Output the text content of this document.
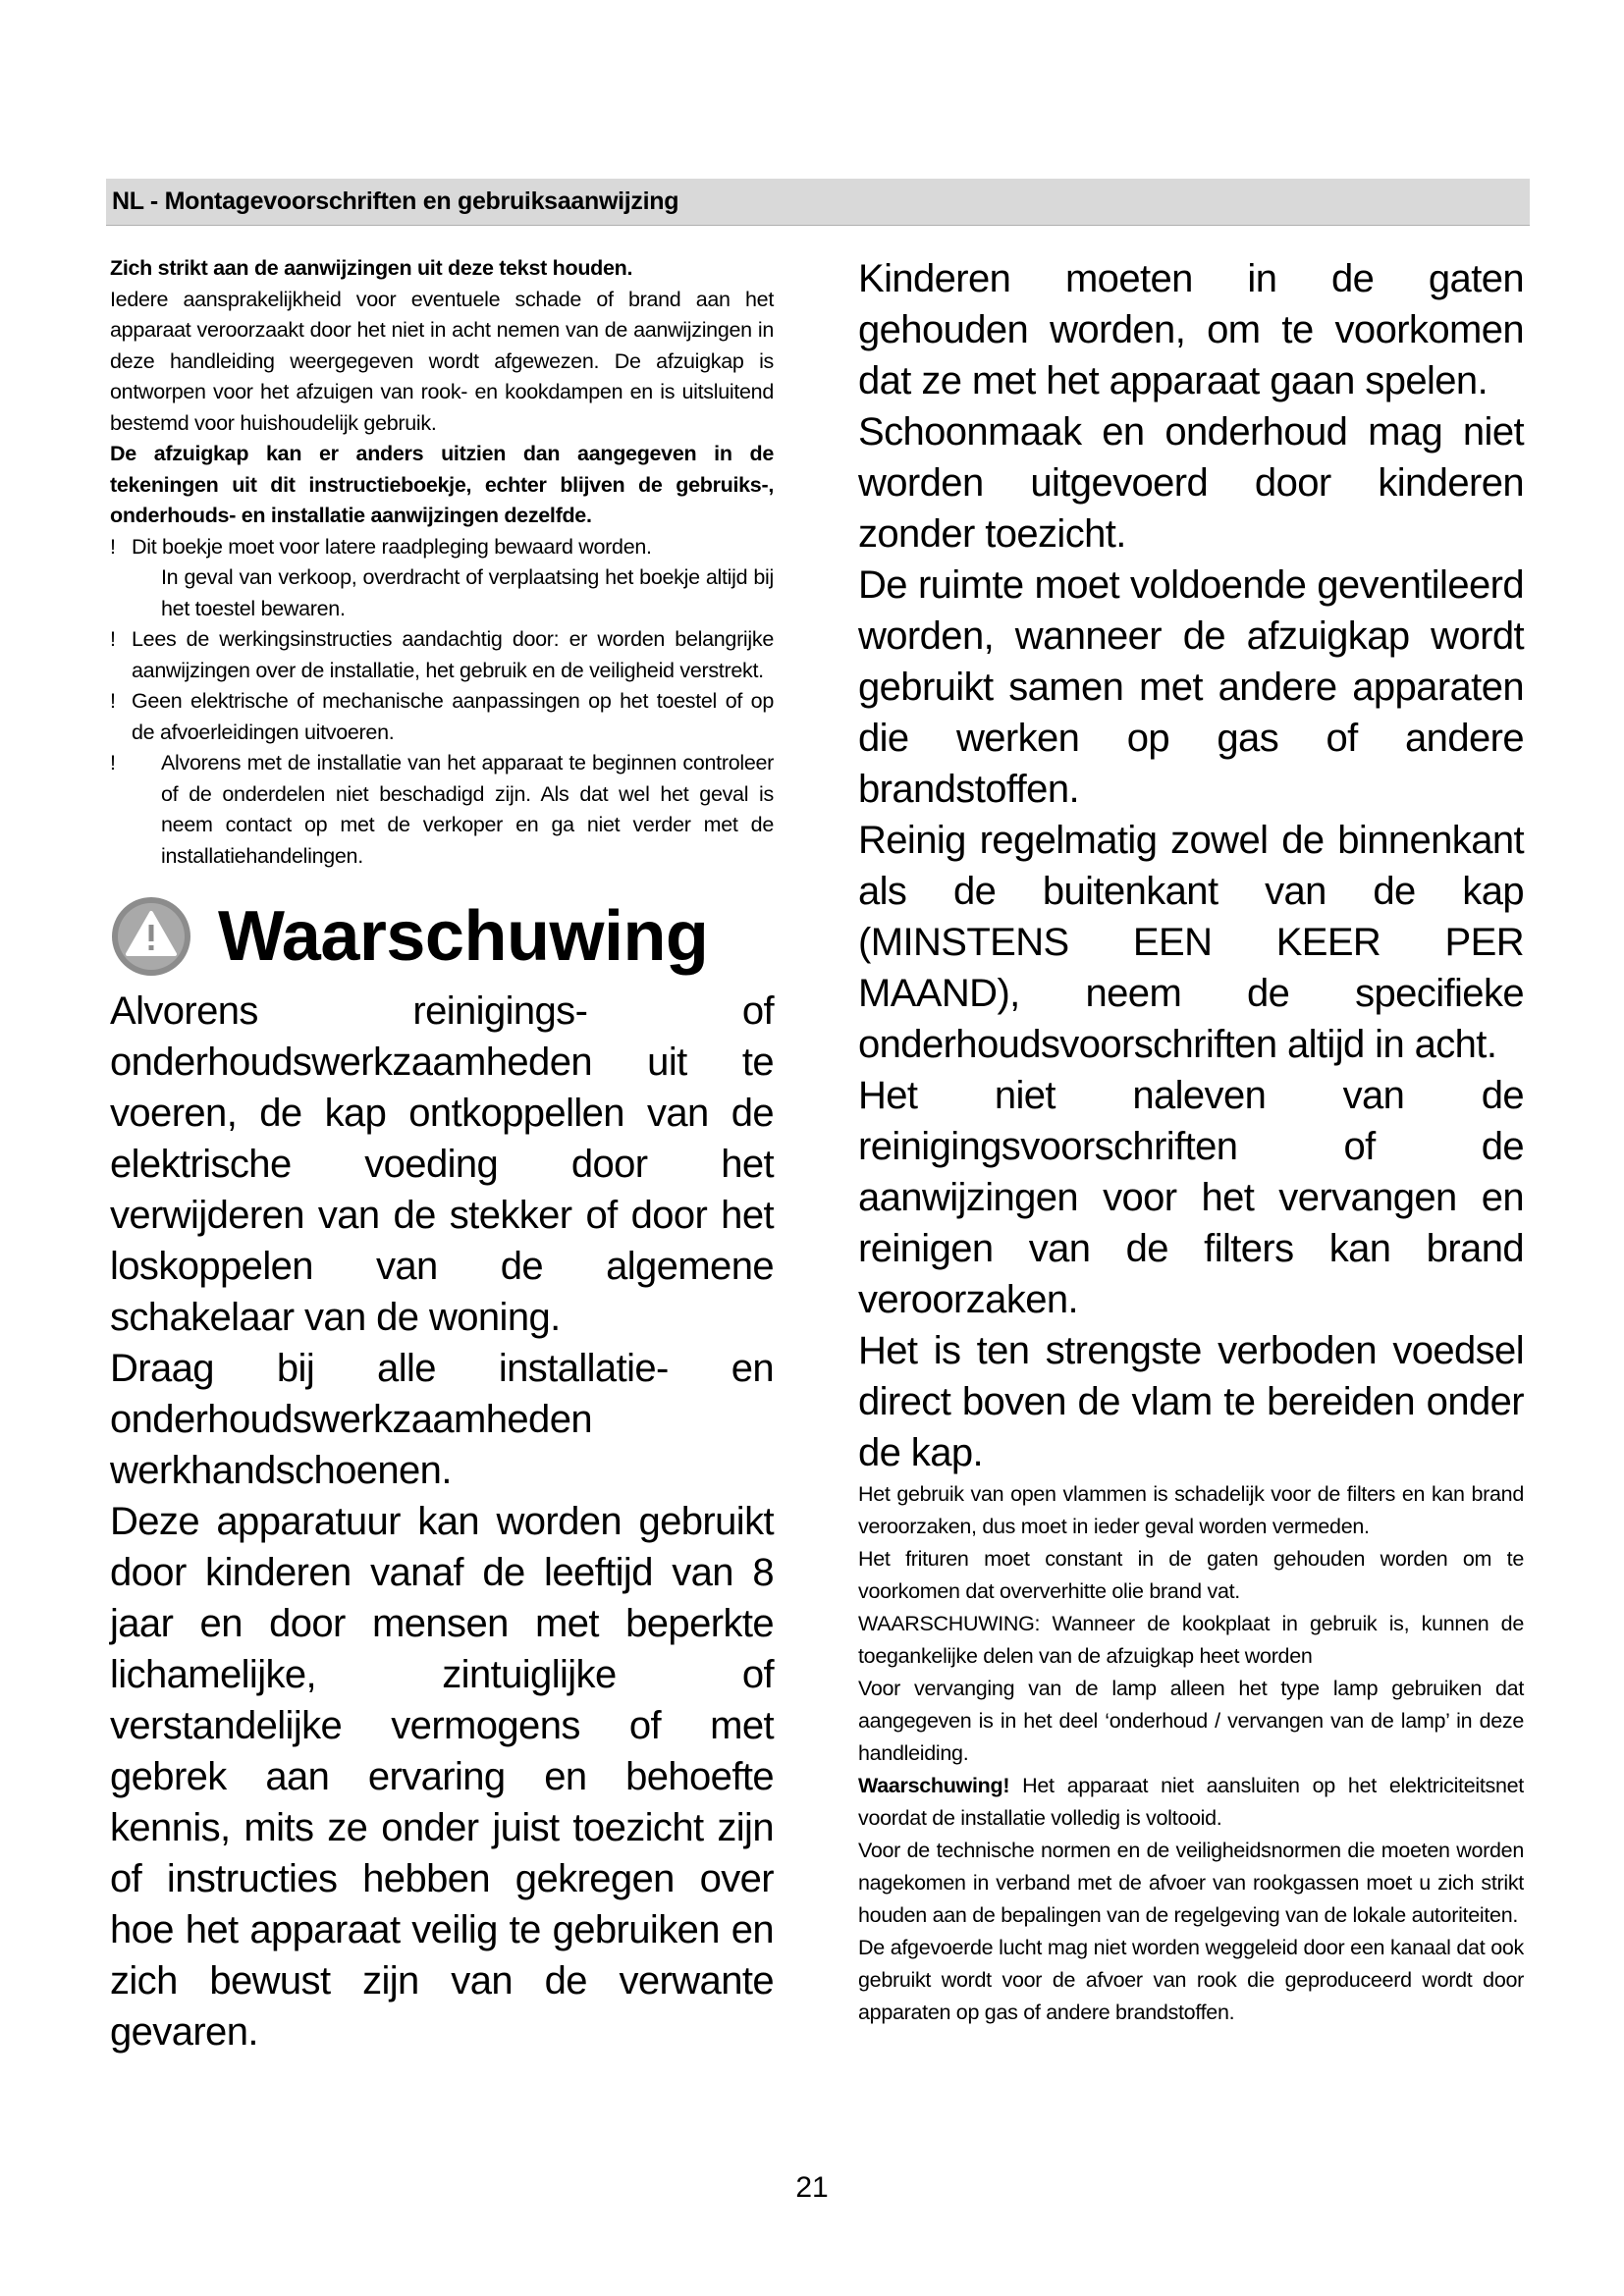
NL - Montagevoorschriften en gebruiksaanwijzing

Zich strikt aan de aanwijzingen uit deze tekst houden.

Iedere aansprakelijkheid voor eventuele schade of brand aan het apparaat veroorzaakt door het niet in acht nemen van de aanwijzingen in deze handleiding weergegeven wordt afgewezen. De afzuigkap is ontworpen voor het afzuigen van rook- en kookdampen en is uitsluitend bestemd voor huishoudelijk gebruik.

De afzuigkap kan er anders uitzien dan aangegeven in de tekeningen uit dit instructieboekje, echter blijven de gebruiks-, onderhouds- en installatie aanwijzingen dezelfde.

! Dit boekje moet voor latere raadpleging bewaard worden.
In geval van verkoop, overdracht of verplaatsing het boekje altijd bij het toestel bewaren.
! Lees de werkingsinstructies aandachtig door: er worden belangrijke aanwijzingen over de installatie, het gebruik en de veiligheid verstrekt.
! Geen elektrische of mechanische aanpassingen op het toestel of op de afvoerleidingen uitvoeren.
!	Alvorens met de installatie van het apparaat te beginnen controleer of de onderdelen niet beschadigd zijn. Als dat wel het geval is neem contact op met de verkoper en ga niet verder met de installatiehandelingen.
Waarschuwing

Alvorens reinigings- of onderhoudswerkzaamheden uit te voeren, de kap ontkoppellen van de elektrische voeding door het verwijderen van de stekker of door het loskoppelen van de algemene schakelaar van de woning.

Draag bij alle installatie- en onderhoudswerkzaamheden werkhandschoenen.

Deze apparatuur kan worden gebruikt door kinderen vanaf de leeftijd van 8 jaar en door mensen met beperkte lichamelijke, zintuiglijke of verstandelijke vermogens of met gebrek aan ervaring en behoefte kennis, mits ze onder juist toezicht zijn of instructies hebben gekregen over hoe het apparaat veilig te gebruiken en zich bewust zijn van de verwante gevaren.

Kinderen moeten in de gaten gehouden worden, om te voorkomen dat ze met het apparaat gaan spelen.

Schoonmaak en onderhoud mag niet worden uitgevoerd door kinderen zonder toezicht.

De ruimte moet voldoende geventileerd worden, wanneer de afzuigkap wordt gebruikt samen met andere apparaten die werken op gas of andere brandstoffen.

Reinig regelmatig zowel de binnenkant als de buitenkant van de kap (MINSTENS EEN KEER PER MAAND), neem de specifieke onderhoudsvoorschriften altijd in acht.

Het niet naleven van de reinigingsvoorschriften of de aanwijzingen voor het vervangen en reinigen van de filters kan brand veroorzaken.

Het is ten strengste verboden voedsel direct boven de vlam te bereiden onder de kap.

Het gebruik van open vlammen is schadelijk voor de filters en kan brand veroorzaken, dus moet in ieder geval worden vermeden.

Het frituren moet constant in de gaten gehouden worden om te voorkomen dat oververhitte olie brand vat.

WAARSCHUWING: Wanneer de kookplaat in gebruik is, kunnen de toegankelijke delen van de afzuigkap heet worden

Voor vervanging van de lamp alleen het type lamp gebruiken dat aangegeven is in het deel ‘onderhoud / vervangen van de lamp’ in deze handleiding.

Waarschuwing! Het apparaat niet aansluiten op het elektriciteitsnet voordat de installatie volledig is voltooid.

Voor de technische normen en de veiligheidsnormen die moeten worden nagekomen in verband met de afvoer van rookgassen moet u zich strikt houden aan de bepalingen van de regelgeving van de lokale autoriteiten.

De afgevoerde lucht mag niet worden weggeleid door een kanaal dat ook gebruikt wordt voor de afvoer van rook die geproduceerd wordt door apparaten op gas of andere brandstoffen.

21
